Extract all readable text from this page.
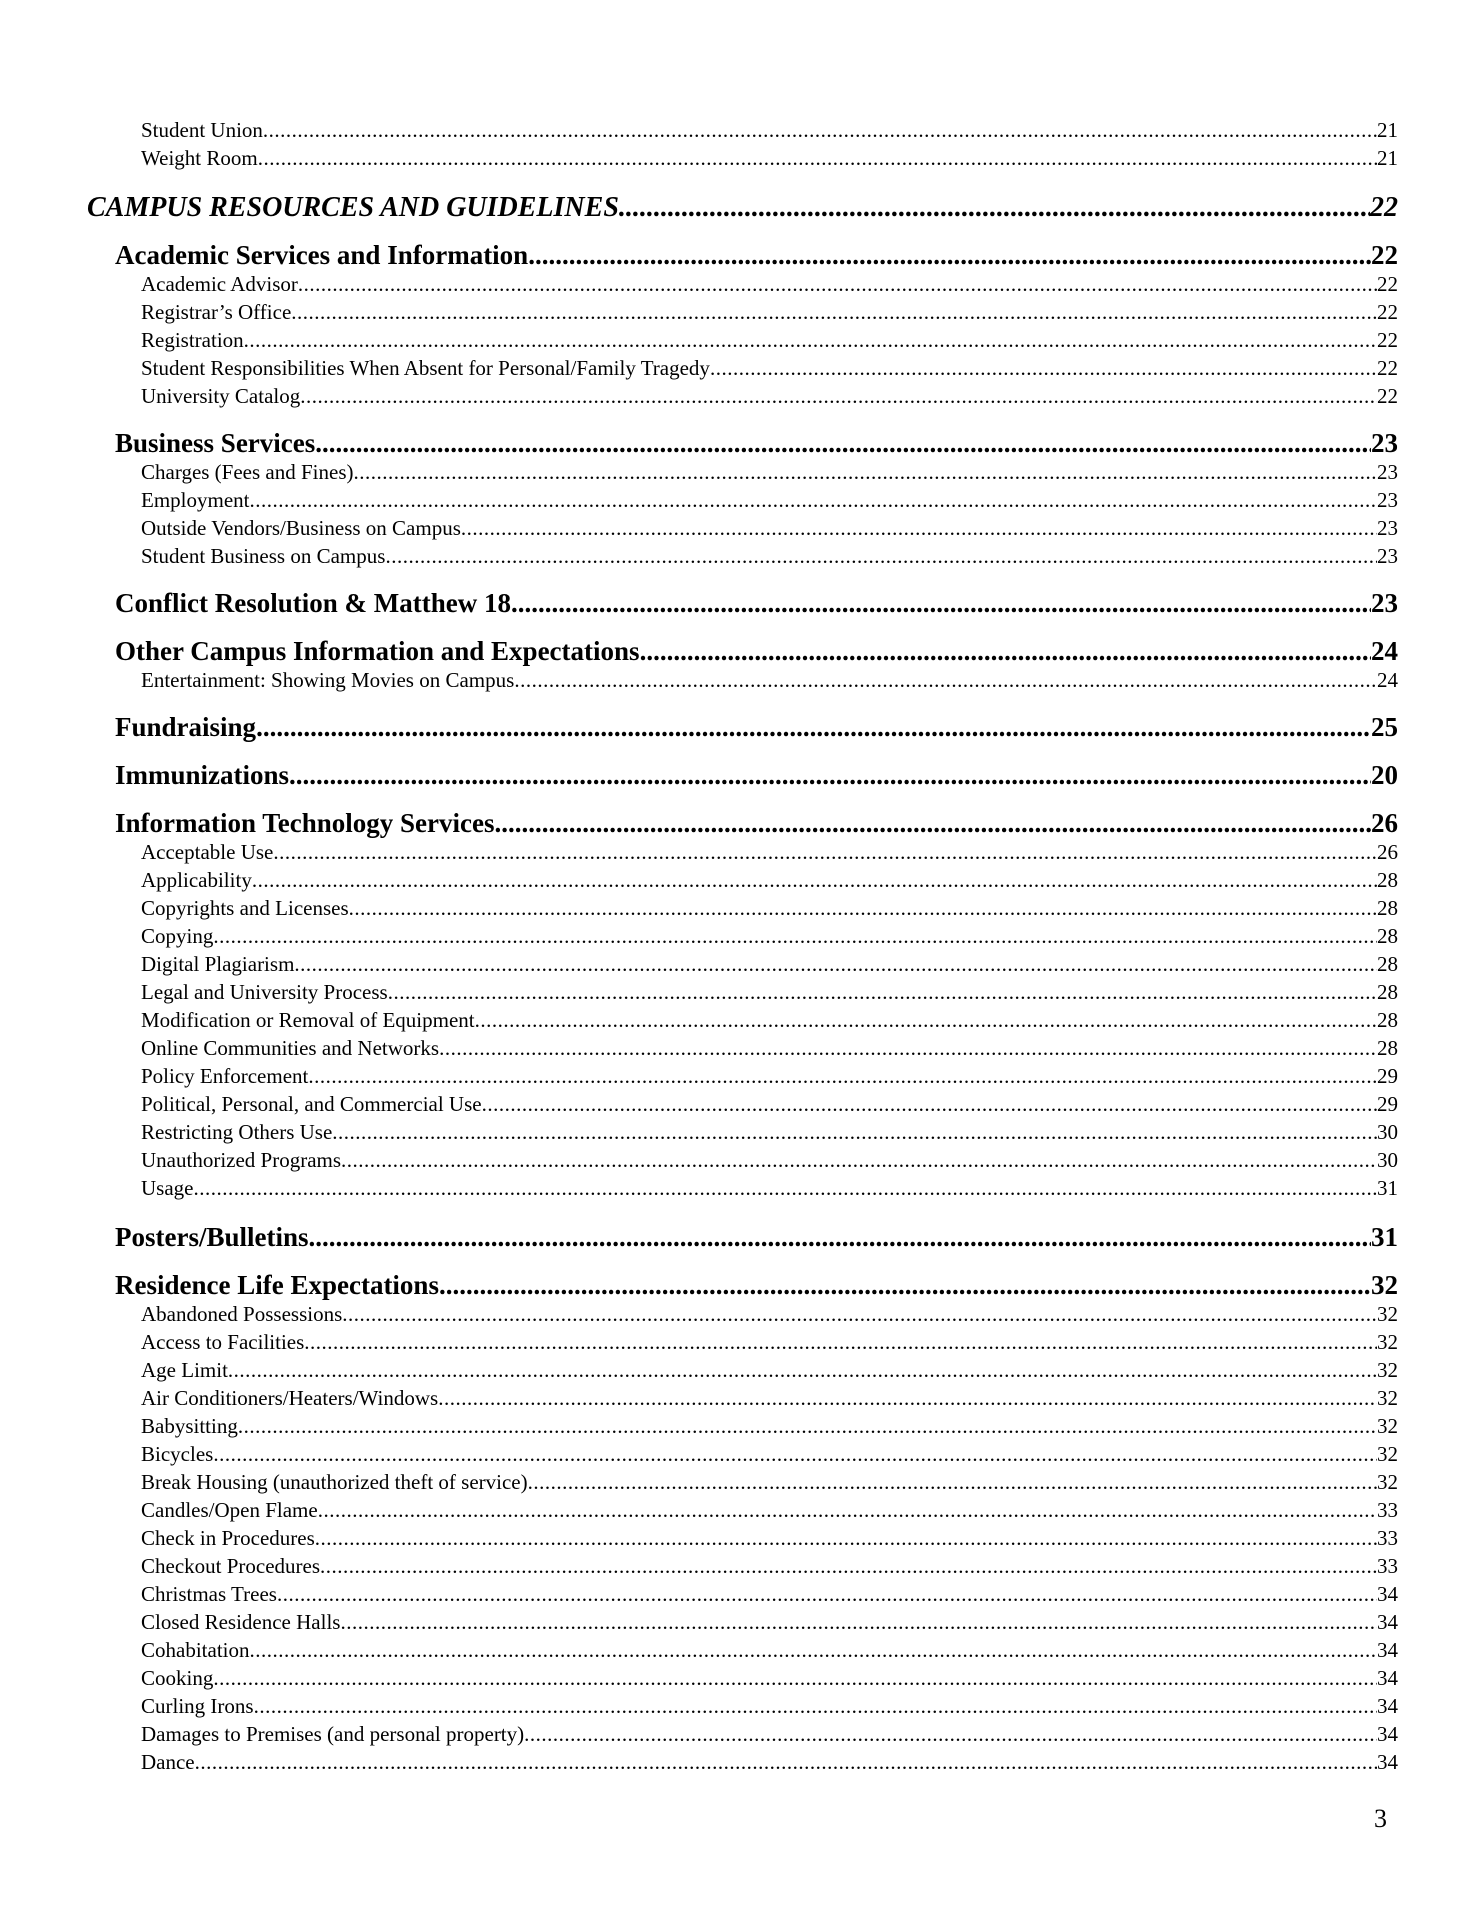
Student Union .....	21
Weight Room .....	21
CAMPUS RESOURCES AND GUIDELINES .....	22
Academic Services and Information .....	22
Academic Advisor .....	22
Registrar’s Office .....	22
Registration .....	22
Student Responsibilities When Absent for Personal/Family Tragedy .....	22
University Catalog .....	22
Business Services .....	23
Charges (Fees and Fines) .....	23
Employment .....	23
Outside Vendors/Business on Campus .....	23
Student Business on Campus .....	23
Conflict Resolution & Matthew 18 .....	23
Other Campus Information and Expectations .....	24
Entertainment: Showing Movies on Campus .....	24
Fundraising .....	25
Immunizations .....	20
Information Technology Services .....	26
Acceptable Use .....	26
Applicability .....	28
Copyrights and Licenses .....	28
Copying .....	28
Digital Plagiarism .....	28
Legal and University Process .....	28
Modification or Removal of Equipment .....	28
Online Communities and Networks .....	28
Policy Enforcement .....	29
Political, Personal, and Commercial Use .....	29
Restricting Others Use .....	30
Unauthorized Programs .....	30
Usage .....	31
Posters/Bulletins .....	31
Residence Life Expectations .....	32
Abandoned Possessions .....	32
Access to Facilities .....	32
Age Limit .....	32
Air Conditioners/Heaters/Windows .....	32
Babysitting .....	32
Bicycles .....	32
Break Housing (unauthorized theft of service) .....	32
Candles/Open Flame .....	33
Check in Procedures .....	33
Checkout Procedures .....	33
Christmas Trees .....	34
Closed Residence Halls .....	34
Cohabitation .....	34
Cooking .....	34
Curling Irons .....	34
Damages to Premises (and personal property) .....	34
Dance .....	34
3
